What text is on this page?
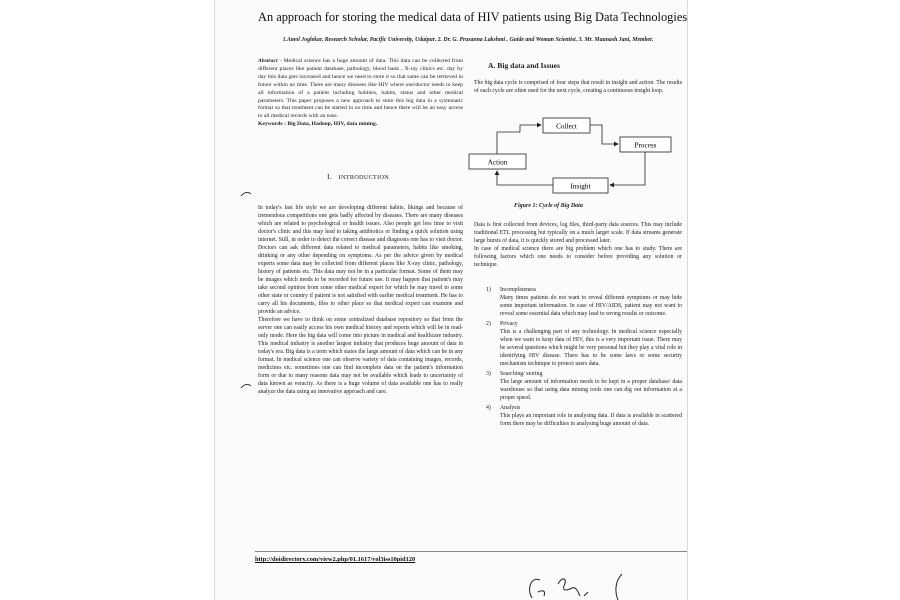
An approach for storing the medical data of HIV patients using Big Data Technologies
1.Amol Joglekar, Research Scholar, Pacific University, Udaipur. 2. Dr. G. Prasanna Lakshmi , Guide and Woman Scientist. 3. Mr. Maunash Jani, Member.
Abstract - Medical science has a huge amount of data. This data can be collected from different places like patient database, pathology, blood bank , X-ray clinics etc. day by day this data gets increased and hence we need to store it so that same can be retrieved in future within no time. There are many diseases like HIV where one/doctor needs to keep all information of a patient including hobbies, habits, status and other medical parameters. This paper proposes a new approach to store this big data in a systematic format so that treatment can be started in no time and hence there will be an easy access to all medical records with an ease.
Keywords : Big Data, Hadoop, HIV, data mining.
I. INTRODUCTION

In today's fast life style we are developing different habits, likings and because of tremendous competitions one gets badly affected by diseases. There are many diseases which are related to psychological or health issues. Also people get less time to visit doctor's clinic and this may lead to taking antibiotics or finding a quick solution using internet. Still, in order to detect the correct disease and diagnosis one has to visit doctor. Doctors can ask different data related to medical parameters, habits like smoking, drinking or any other depending on symptoms. As per the advice given by medical experts some data may be collected from different places like X-ray clinic, pathology, history of patients etc. This data may not be in a particular format. Some of them may be images which needs to be recorded for future use. It may happen that patient's may take second opinion from some other medical expert for which he may travel to some other state or country if patient is not satisfied with earlier medical treatment. He has to carry all his documents, files to other place so that medical expert can examine and provide an advice.

Therefore we have to think on some centralized database repository so that from the server one can easily access his own medical history and reports which will be in read-only mode. Here the big data will come into picture in medical and healthcare industry. This medical industry is another largest industry that produces huge amount of data in today's era. Big data is a term which states the large amount of data which can be in any format. In medical science one can observe variety of data containing images, records, medicines etc. sometimes one can find incomplete data on the patient's information form or due to many reasons data may not be available which leads to uncertainty of data known as veracity. As there is a huge volume of data available one has to really analyze the data using an innovative approach and care.

A. Big data and Issues
The big data cycle is comprised of four steps that result in insight and action. The results of each cycle are often used for the next cycle, creating a continuous insight loop.
Collect
Process
Insight
Action
Figure 1: Cycle of Big Data

Data is first collected from devices, log files, third-party data sources. This may include traditional ETL processing but typically on a much larger scale. If data streams generate large bursts of data, it is quickly stored and processed later.

In case of medical science there are big problem which one has to study. There are following factors which one needs to consider before providing any solution or technique.

1) Incompleteness

Many times patients do not want to reveal different symptoms or may hide some important information. In case of HIV/AIDS, patient may not want to reveal some essential data which may lead to wrong results or outcome.

2) Privacy

This is a challenging part of any technology. In medical science especially when we want to keep data of HIV, this is a very important issue. There may be several questions which might be very personal but they play a vital role in identifying HIV disease. There has to be some laws or some security mechanism technique to protect users data.

3) Searching/ storing

The large amount of information needs to be kept in a proper database/ data warehouse so that using data mining tools one can dig out information at a proper speed.

4) Analysis

This plays an important role in analysing data. If data is available in scattered form there may be difficulties in analysing huge amount of data.

http://doidirectory.com/view2.php/01.1617/vol3iss10pid120
